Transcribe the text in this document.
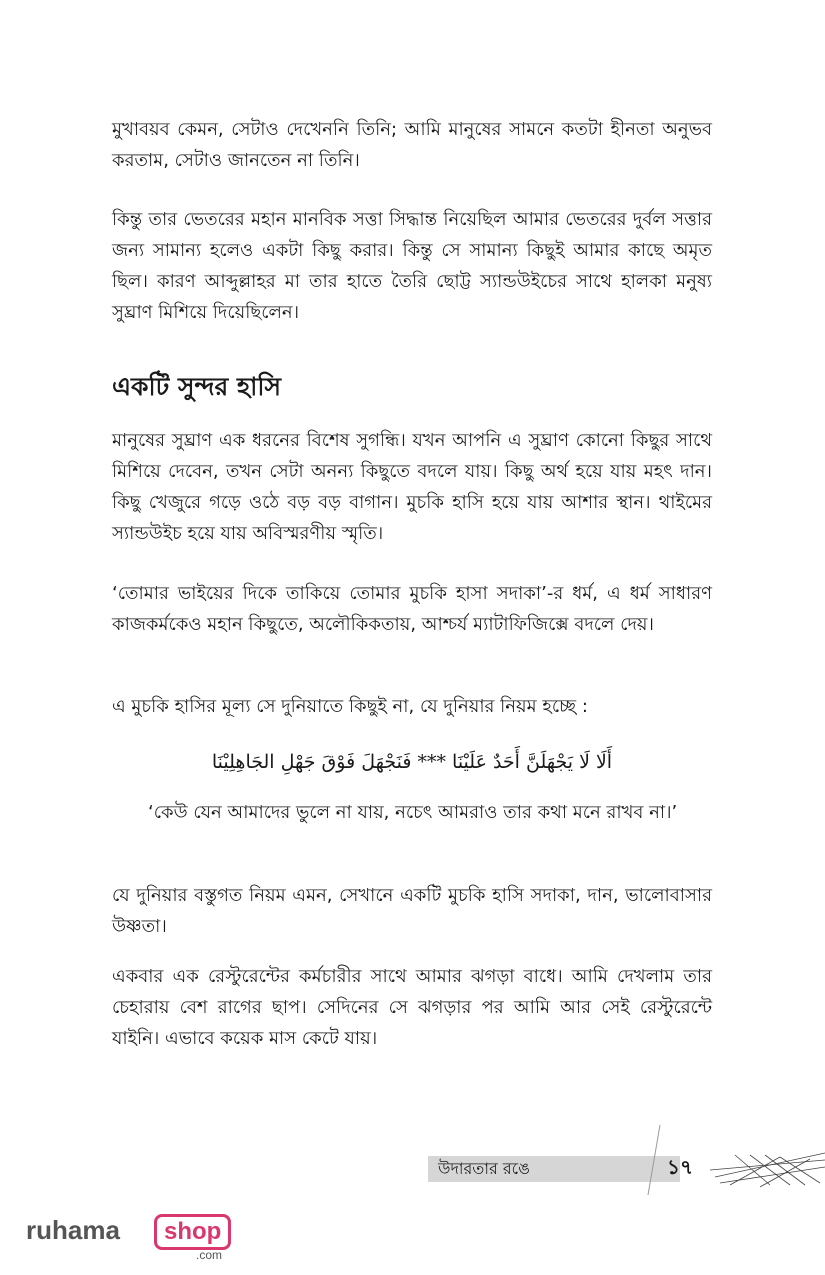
মুখাবয়ব কেমন, সেটাও দেখেননি তিনি; আমি মানুষের সামনে কতটা হীনতা অনুভব করতাম, সেটাও জানতেন না তিনি।

কিন্তু তার ভেতরের মহান মানবিক সত্তা সিদ্ধান্ত নিয়েছিল আমার ভেতরের দুর্বল সত্তার জন্য সামান্য হলেও একটা কিছু করার। কিন্তু সে সামান্য কিছুই আমার কাছে অমৃত ছিল। কারণ আব্দুল্লাহর মা তার হাতে তৈরি ছোট্ট স্যান্ডউইচের সাথে হালকা মনুষ্য সুঘ্রাণ মিশিয়ে দিয়েছিলেন।

একটি সুন্দর হাসি

মানুষের সুঘ্রাণ এক ধরনের বিশেষ সুগন্ধি। যখন আপনি এ সুঘ্রাণ কোনো কিছুর সাথে মিশিয়ে দেবেন, তখন সেটা অনন্য কিছুতে বদলে যায়। কিছু অর্থ হয়ে যায় মহৎ দান। কিছু খেজুরে গড়ে ওঠে বড় বড় বাগান। মুচকি হাসি হয়ে যায় আশার স্থান। থাইমের স্যান্ডউইচ হয়ে যায় অবিস্মরণীয় স্মৃতি।

‘তোমার ভাইয়ের দিকে তাকিয়ে তোমার মুচকি হাসা সদাকা’-র ধর্ম, এ ধর্ম সাধারণ কাজকর্মকেও মহান কিছুতে, অলৌকিকতায়, আশ্চর্য ম্যাটাফিজিক্সে বদলে দেয়।

এ মুচকি হাসির মূল্য সে দুনিয়াতে কিছুই না, যে দুনিয়ার নিয়ম হচ্ছে :

أَلَا لَا يَجْهَلَنَّ أَحَدٌ عَلَيْنَا *** فَنَجْهَلَ فَوْقَ جَهْلِ الجَاهِلِيْنَا

‘কেউ যেন আমাদের ভুলে না যায়, নচেৎ আমরাও তার কথা মনে রাখব না।’

যে দুনিয়ার বস্তুগত নিয়ম এমন, সেখানে একটি মুচকি হাসি সদাকা, দান, ভালোবাসার উষ্ণতা।

একবার এক রেস্টুরেন্টের কর্মচারীর সাথে আমার ঝগড়া বাধে। আমি দেখলাম তার চেহারায় বেশ রাগের ছাপ। সেদিনের সে ঝগড়ার পর আমি আর সেই রেস্টুরেন্টে যাইনি। এভাবে কয়েক মাস কেটে যায়।

উদারতার রঙে	১৭
ruhama	shop
.com
